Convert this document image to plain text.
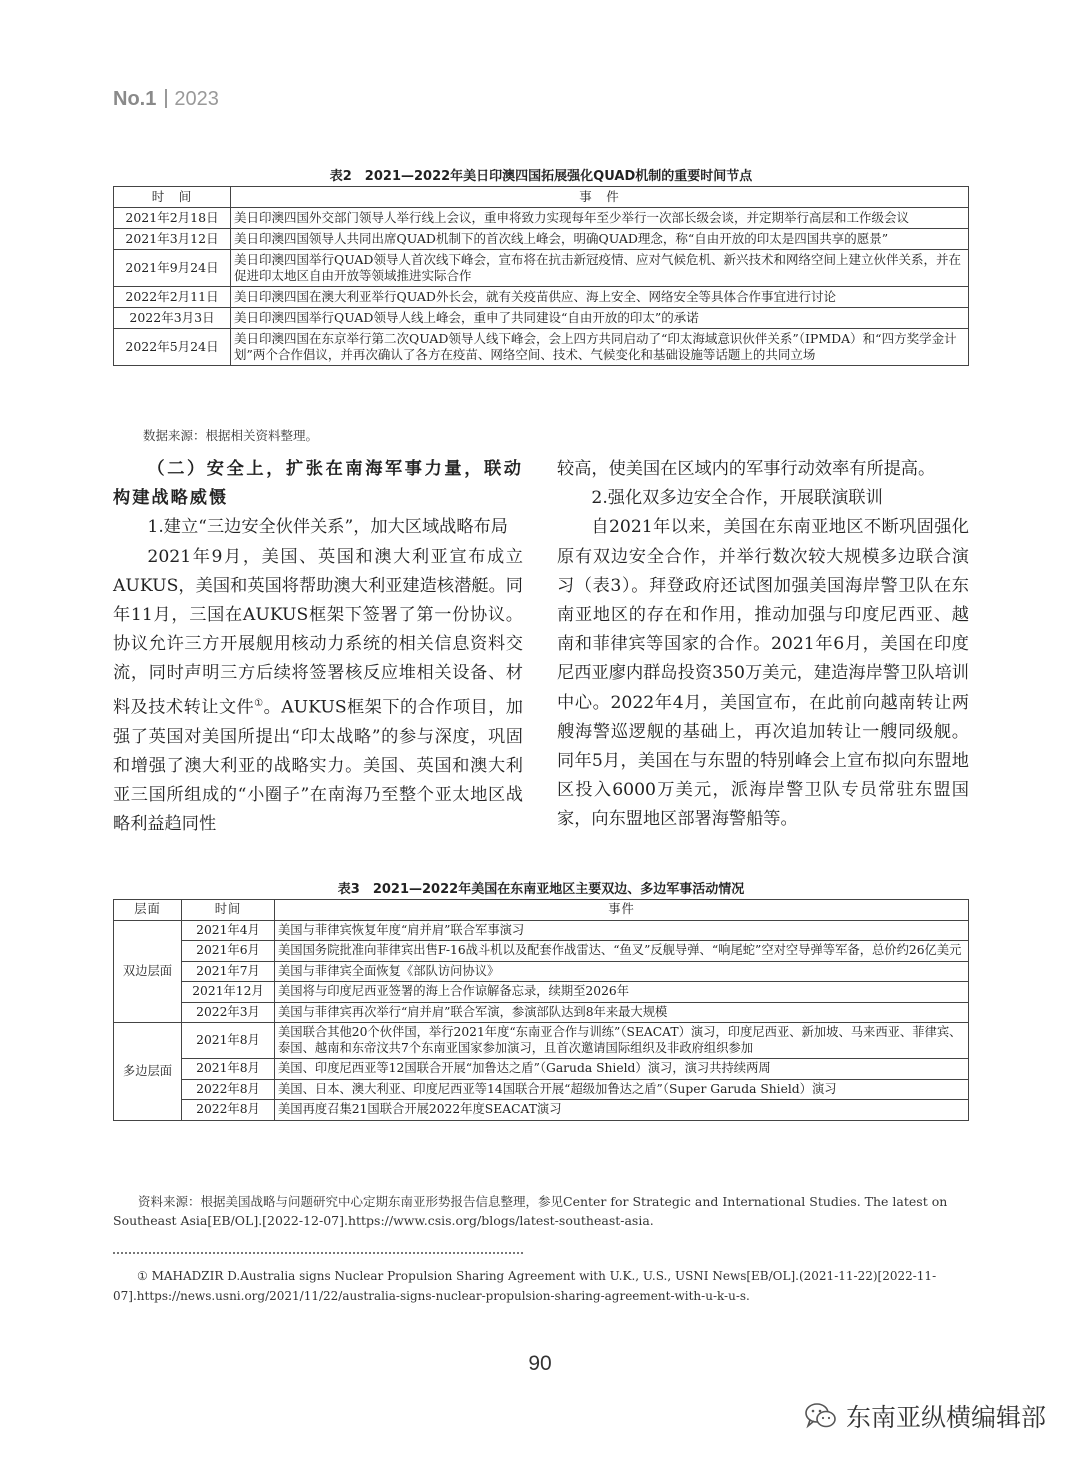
No.1 2023
表2　2021—2022年美日印澳四国拓展强化QUAD机制的重要时间节点
时　间	事　件
2021年2月18日	美日印澳四国外交部门领导人举行线上会议，重申将致力实现每年至少举行一次部长级会谈，并定期举行高层和工作级会议
2021年3月12日	美日印澳四国领导人共同出席QUAD机制下的首次线上峰会，明确QUAD理念，称“自由开放的印太是四国共享的愿景”
2021年9月24日	美日印澳四国举行QUAD领导人首次线下峰会，宣布将在抗击新冠疫情、应对气候危机、新兴技术和网络空间上建立伙伴关系，并在促进印太地区自由开放等领域推进实际合作
2022年2月11日	美日印澳四国在澳大利亚举行QUAD外长会，就有关疫苗供应、海上安全、网络安全等具体合作事宜进行讨论
2022年3月3日	美日印澳四国举行QUAD领导人线上峰会，重申了共同建设“自由开放的印太”的承诺
2022年5月24日	美日印澳四国在东京举行第二次QUAD领导人线下峰会，会上四方共同启动了“印太海域意识伙伴关系”（IPMDA）和“四方奖学金计划”两个合作倡议，并再次确认了各方在疫苗、网络空间、技术、气候变化和基础设施等话题上的共同立场
数据来源：根据相关资料整理。

（二）安全上，扩张在南海军事力量，联动构建战略威慑

1.建立“三边安全伙伴关系”，加大区域战略布局

2021年9月，美国、英国和澳大利亚宣布成立AUKUS，美国和英国将帮助澳大利亚建造核潜艇。同年11月，三国在AUKUS框架下签署了第一份协议。协议允许三方开展舰用核动力系统的相关信息资料交流，同时声明三方后续将签署核反应堆相关设备、材料及技术转让文件①。AUKUS框架下的合作项目，加强了英国对美国所提出“印太战略”的参与深度，巩固和增强了澳大利亚的战略实力。美国、英国和澳大利亚三国所组成的“小圈子”在南海乃至整个亚太地区战略利益趋同性

较高，使美国在区域内的军事行动效率有所提高。

2.强化双多边安全合作，开展联演联训

自2021年以来，美国在东南亚地区不断巩固强化原有双边安全合作，并举行数次较大规模多边联合演习（表3）。拜登政府还试图加强美国海岸警卫队在东南亚地区的存在和作用，推动加强与印度尼西亚、越南和菲律宾等国家的合作。2021年6月，美国在印度尼西亚廖内群岛投资350万美元，建造海岸警卫队培训中心。2022年4月，美国宣布，在此前向越南转让两艘海警巡逻舰的基础上，再次追加转让一艘同级舰。同年5月，美国在与东盟的特别峰会上宣布拟向东盟地区投入6000万美元，派海岸警卫队专员常驻东盟国家，向东盟地区部署海警船等。

表3　2021—2022年美国在东南亚地区主要双边、多边军事活动情况
层面	时间	事件
双边层面	2021年4月	美国与菲律宾恢复年度“肩并肩”联合军事演习
	2021年6月	美国国务院批准向菲律宾出售F-16战斗机以及配套作战雷达、“鱼叉”反舰导弹、“响尾蛇”空对空导弹等军备，总价约26亿美元
	2021年7月	美国与菲律宾全面恢复《部队访问协议》
	2021年12月	美国将与印度尼西亚签署的海上合作谅解备忘录，续期至2026年
	2022年3月	美国与菲律宾再次举行“肩并肩”联合军演，参演部队达到8年来最大规模
多边层面	2021年8月	美国联合其他20个伙伴国，举行2021年度“东南亚合作与训练”（SEACAT）演习，印度尼西亚、新加坡、马来西亚、菲律宾、泰国、越南和东帝汶共7个东南亚国家参加演习，且首次邀请国际组织及非政府组织参加
	2021年8月	美国、印度尼西亚等12国联合开展“加鲁达之盾”（Garuda Shield）演习，演习共持续两周
	2022年8月	美国、日本、澳大利亚、印度尼西亚等14国联合开展“超级加鲁达之盾”（Super Garuda Shield）演习
	2022年8月	美国再度召集21国联合开展2022年度SEACAT演习
资料来源：根据美国战略与问题研究中心定期东南亚形势报告信息整理，参见Center for Strategic and International Studies. The latest on Southeast Asia[EB/OL].[2022-12-07].https://www.csis.org/blogs/latest-southeast-asia.
① MAHADZIR D.Australia signs Nuclear Propulsion Sharing Agreement with U.K., U.S., USNI News[EB/OL].(2021-11-22)[2022-11-07].https://news.usni.org/2021/11/22/australia-signs-nuclear-propulsion-sharing-agreement-with-u-k-u-s.
90
东南亚纵横编辑部
